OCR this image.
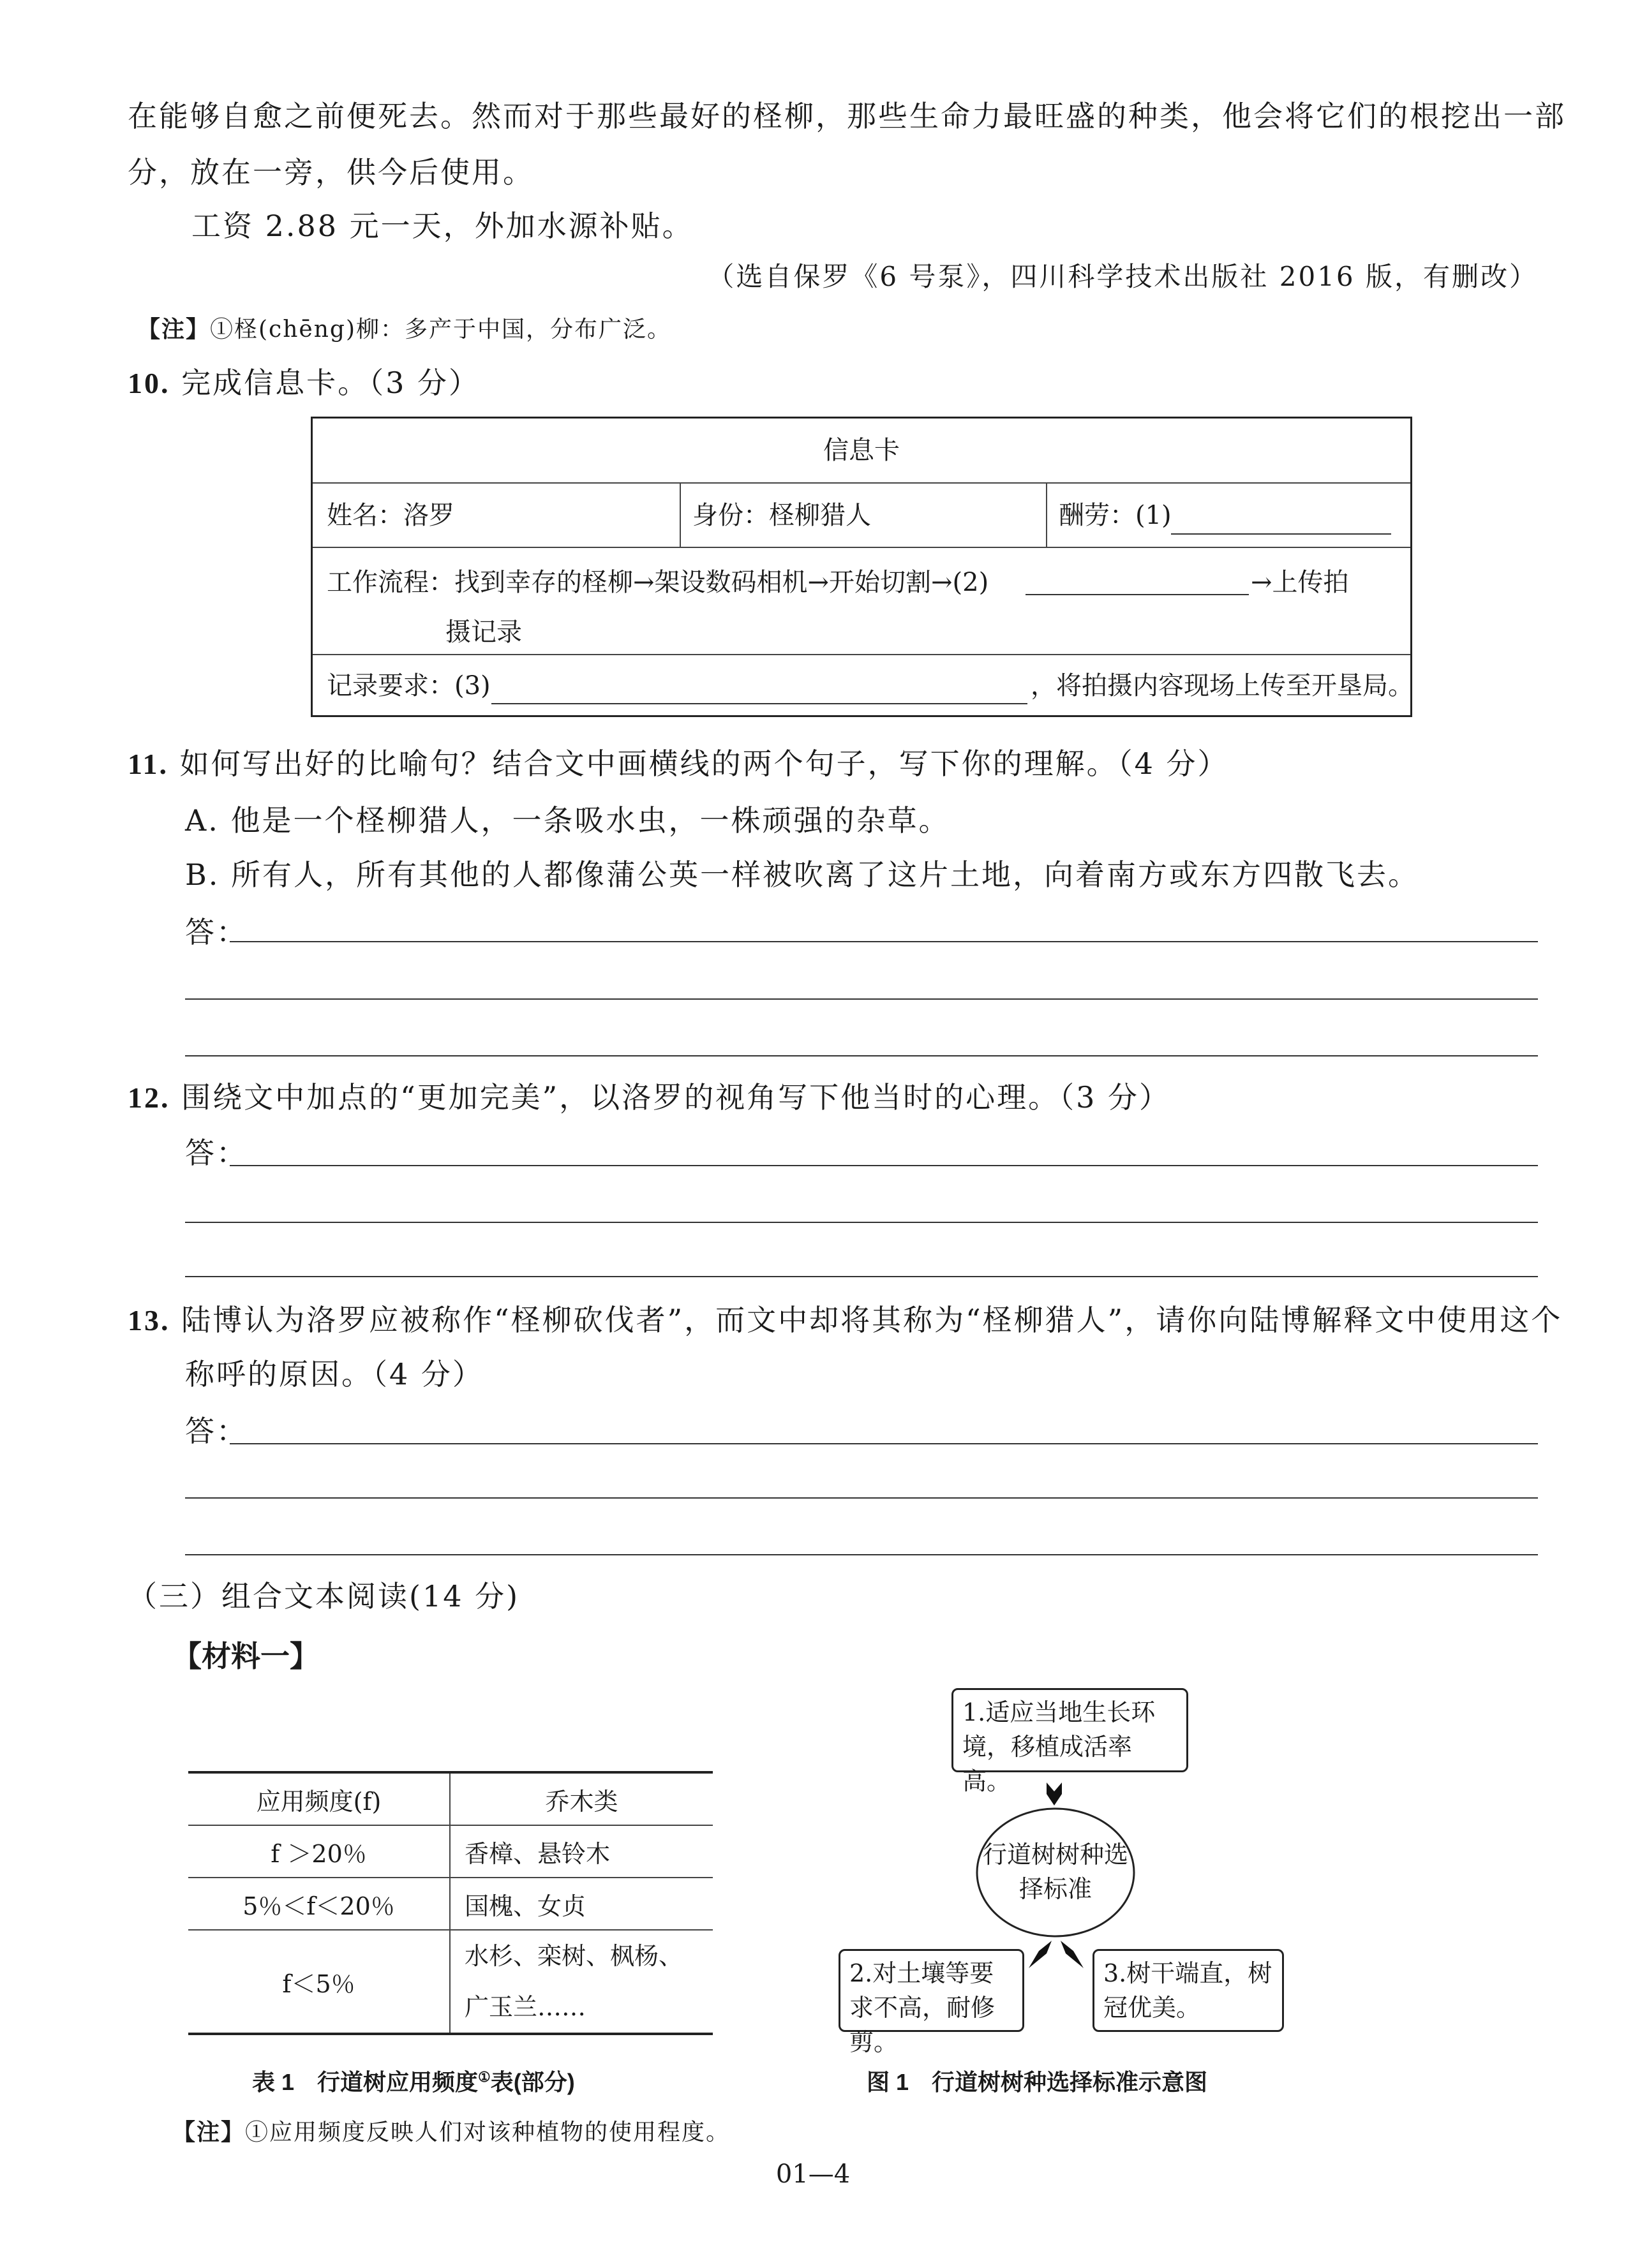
在能够自愈之前便死去。然而对于那些最好的柽柳，那些生命力最旺盛的种类，他会将它们的根挖出一部
分，放在一旁，供今后使用。
工资 2.88 元一天，外加水源补贴。
（选自保罗《6 号泵》，四川科学技术出版社 2016 版，有删改）
【注】①柽(chēng)柳：多产于中国，分布广泛。
10. 完成信息卡。（3 分）
信息卡
姓名：洛罗	身份：柽柳猎人	酬劳：(1)
工作流程：找到幸存的柽柳→架设数码相机→开始切割→(2)	→上传拍
摄记录
记录要求：(3)	，将拍摄内容现场上传至开垦局。
11. 如何写出好的比喻句？结合文中画横线的两个句子，写下你的理解。（4 分）
A. 他是一个柽柳猎人，一条吸水虫，一株顽强的杂草。
B. 所有人，所有其他的人都像蒲公英一样被吹离了这片土地，向着南方或东方四散飞去。
答：
12. 围绕文中加点的“更加完美”，以洛罗的视角写下他当时的心理。（3 分）
答：
13. 陆博认为洛罗应被称作“柽柳砍伐者”，而文中却将其称为“柽柳猎人”，请你向陆博解释文中使用这个
称呼的原因。（4 分）
答：
（三）组合文本阅读(14 分)
【材料一】
应用频度(f)	乔木类
f ＞20％	香樟、悬铃木
5％＜f＜20％	国槐、女贞
f＜5％	水杉、栾树、枫杨、广玉兰……
表 1　行道树应用频度①表(部分)
1.适应当地生长环境，移植成活率高。
行道树树种选择标准
2.对土壤等要求不高，耐修剪。
3.树干端直，树冠优美。
图 1　行道树树种选择标准示意图
【注】①应用频度反映人们对该种植物的使用程度。
01—4
